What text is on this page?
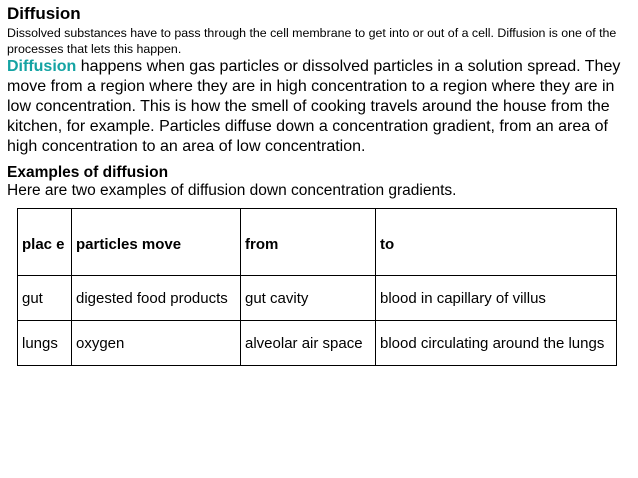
Diffusion

Dissolved substances have to pass through the cell membrane to get into or out of a cell. Diffusion is one of the processes that lets this happen.

Diffusion happens when gas particles or dissolved particles in a solution spread. They move from a region where they are in high concentration to a region where they are in low concentration. This is how the smell of cooking travels around the house from the kitchen, for example. Particles diffuse down a concentration gradient, from an area of high concentration to an area of low concentration.

Examples of diffusion

Here are two examples of diffusion down concentration gradients.

plac e	particles move	from	to
gut	digested food products	gut cavity	blood in capillary of villus
lungs	oxygen	alveolar air space	blood circulating around the lungs
